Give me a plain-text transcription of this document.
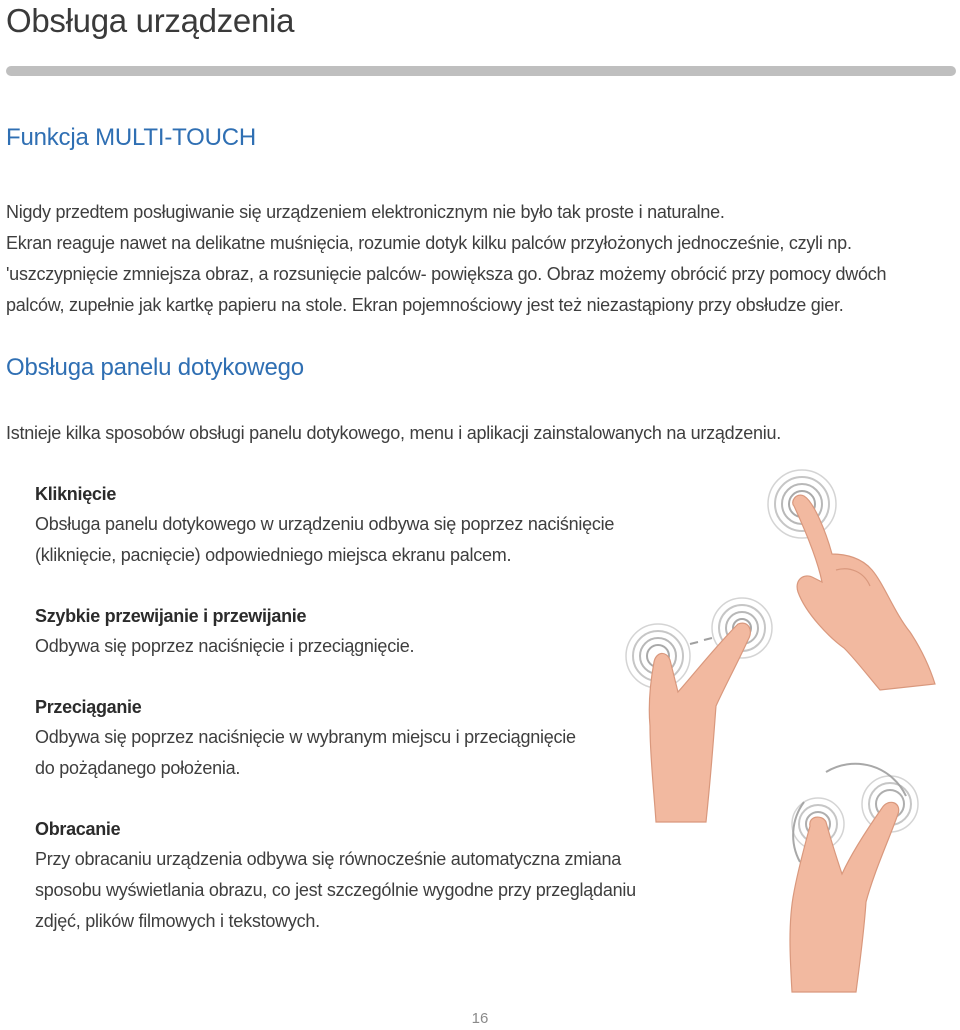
Obsługa urządzenia
Funkcja MULTI-TOUCH
Nigdy przedtem posługiwanie się urządzeniem elektronicznym nie było tak proste i naturalne.
Ekran reaguje nawet na delikatne muśnięcia, rozumie dotyk kilku palców przyłożonych jednocześnie, czyli np.
'uszczypnięcie zmniejsza obraz, a rozsunięcie palców- powiększa go. Obraz możemy obrócić przy pomocy dwóch
palców, zupełnie jak kartkę papieru na stole. Ekran pojemnościowy jest też niezastąpiony przy obsłudze gier.
Obsługa panelu dotykowego
Istnieje kilka sposobów obsługi panelu dotykowego, menu i aplikacji zainstalowanych na urządzeniu.
Kliknięcie
Obsługa panelu dotykowego w urządzeniu odbywa się poprzez naciśnięcie
(kliknięcie, pacnięcie) odpowiedniego miejsca ekranu palcem.
Szybkie przewijanie i przewijanie
Odbywa się poprzez naciśnięcie i przeciągnięcie.
Przeciąganie
Odbywa się poprzez naciśnięcie w wybranym miejscu i przeciągnięcie
do pożądanego położenia.
Obracanie
Przy obracaniu urządzenia odbywa się równocześnie automatyczna zmiana
sposobu wyświetlania obrazu, co jest szczególnie wygodne przy przeglądaniu
zdjęć, plików filmowych i tekstowych.
16
